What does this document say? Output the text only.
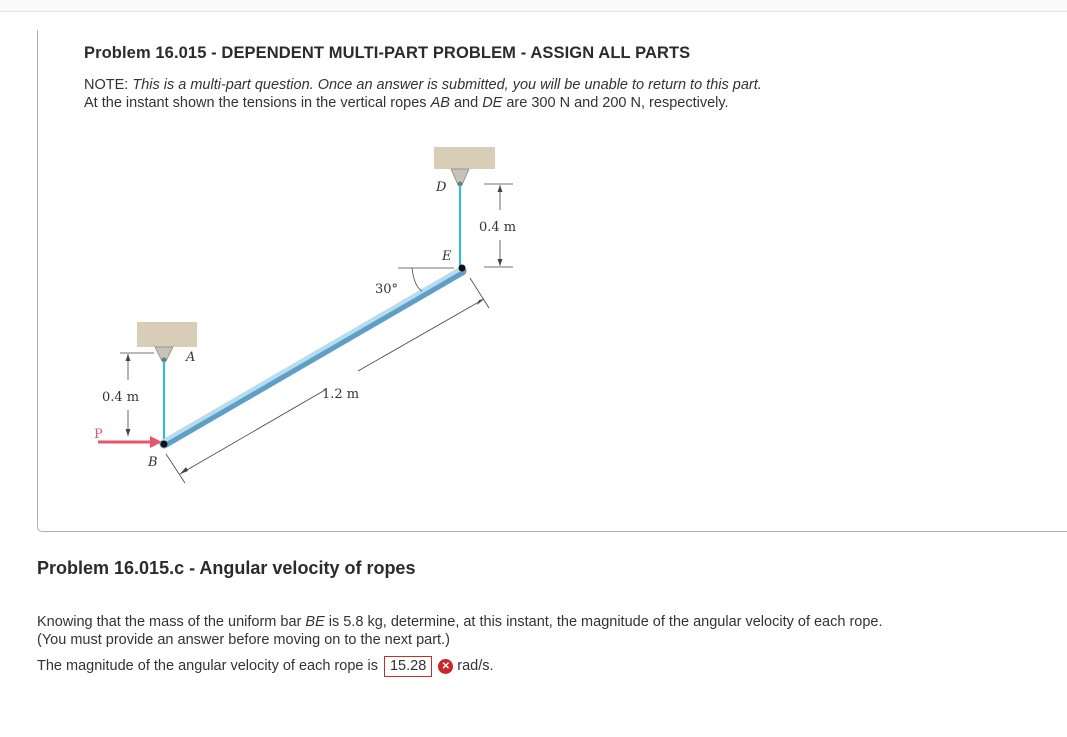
Problem 16.015 - DEPENDENT MULTI-PART PROBLEM - ASSIGN ALL PARTS
NOTE: This is a multi-part question. Once an answer is submitted, you will be unable to return to this part.
At the instant shown the tensions in the vertical ropes AB and DE are 300 N and 200 N, respectively.
D
E
A
B
P
0.4 m
0.4 m	1.2 m
30°
Problem 16.015.c - Angular velocity of ropes
Knowing that the mass of the uniform bar BE is 5.8 kg, determine, at this instant, the magnitude of the angular velocity of each rope.
(You must provide an answer before moving on to the next part.)
The magnitude of the angular velocity of each rope is 15.28	✕ rad/s.
